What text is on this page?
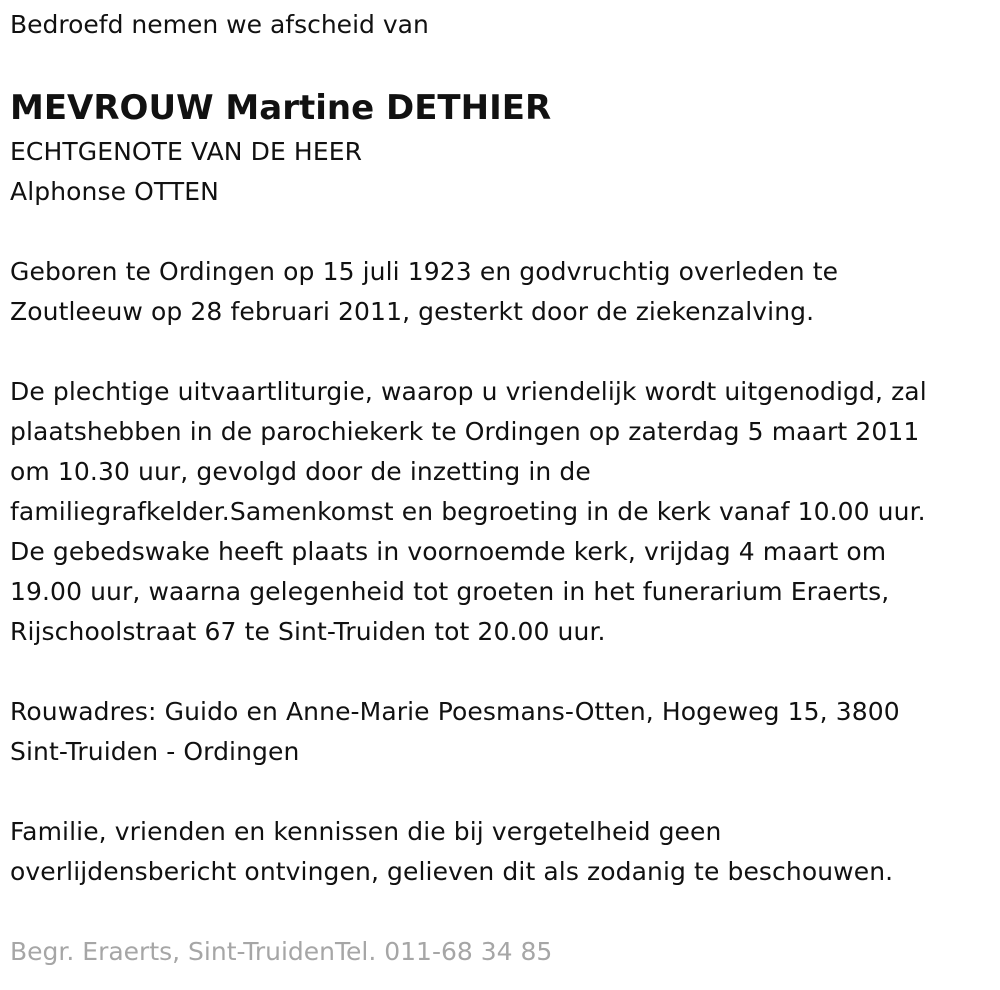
Bedroefd nemen we afscheid van
MEVROUW Martine DETHIER
ECHTGENOTE VAN DE HEER
Alphonse OTTEN
Geboren te Ordingen op 15 juli 1923 en godvruchtig overleden te
Zoutleeuw op 28 februari 2011, gesterkt door de ziekenzalving.
De plechtige uitvaartliturgie, waarop u vriendelijk wordt uitgenodigd, zal
plaatshebben in de parochiekerk te Ordingen op zaterdag 5 maart 2011
om 10.30 uur, gevolgd door de inzetting in de
familiegrafkelder.Samenkomst en begroeting in de kerk vanaf 10.00 uur.
De gebedswake heeft plaats in voornoemde kerk, vrijdag 4 maart om
19.00 uur, waarna gelegenheid tot groeten in het funerarium Eraerts,
Rijschoolstraat 67 te Sint-Truiden tot 20.00 uur.
Rouwadres: Guido en Anne-Marie Poesmans-Otten, Hogeweg 15, 3800
Sint-Truiden - Ordingen
Familie, vrienden en kennissen die bij vergetelheid geen
overlijdensbericht ontvingen, gelieven dit als zodanig te beschouwen.
Begr. Eraerts, Sint-TruidenTel. 011-68 34 85
